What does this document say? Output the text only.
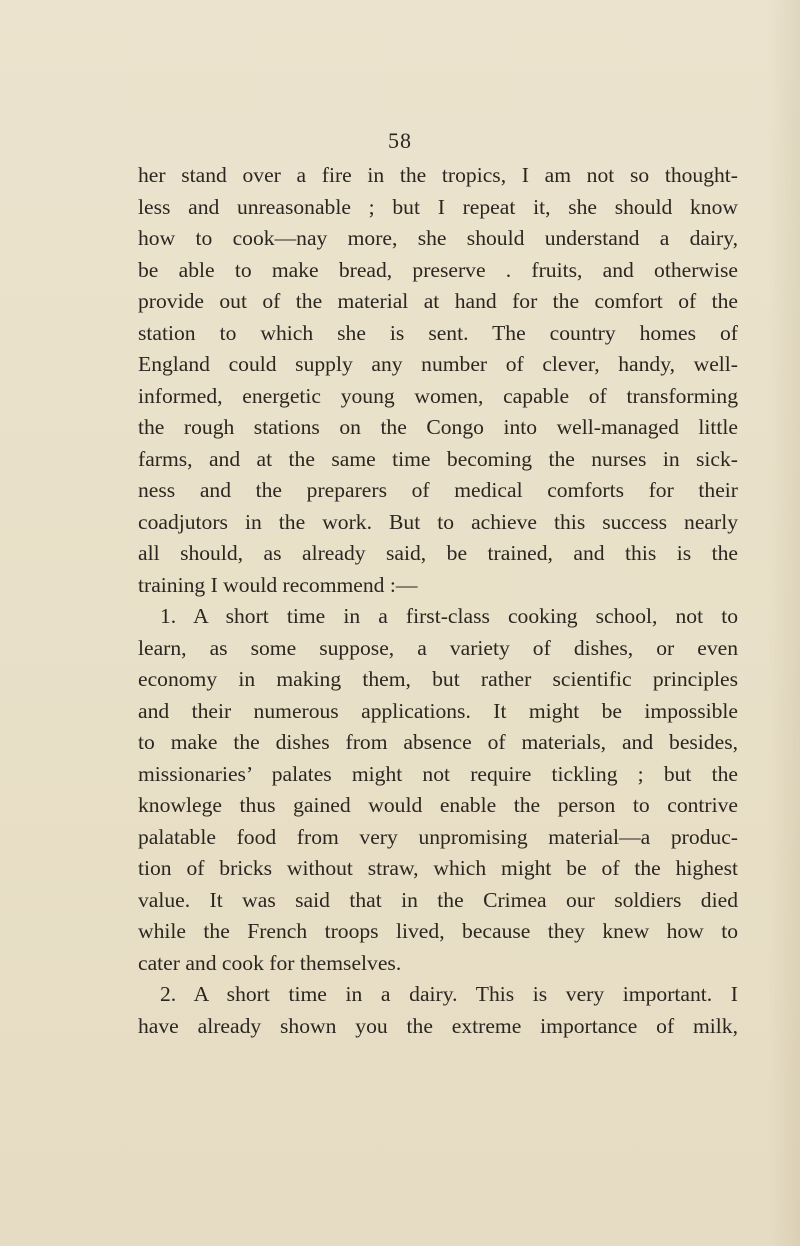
58
her stand over a fire in the tropics, I am not so thought-
less and unreasonable ; but I repeat it, she should know
how to cook—nay more, she should understand a dairy,
be able to make bread, preserve . fruits, and otherwise
provide out of the material at hand for the comfort of the
station to which she is sent. The country homes of
England could supply any number of clever, handy, well-
informed, energetic young women, capable of transforming
the rough stations on the Congo into well-managed little
farms, and at the same time becoming the nurses in sick-
ness and the preparers of medical comforts for their
coadjutors in the work. But to achieve this success nearly
all should, as already said, be trained, and this is the
training I would recommend :—
1. A short time in a first-class cooking school, not to
learn, as some suppose, a variety of dishes, or even
economy in making them, but rather scientific principles
and their numerous applications. It might be impossible
to make the dishes from absence of materials, and besides,
missionaries’ palates might not require tickling ; but the
knowlege thus gained would enable the person to contrive
palatable food from very unpromising material—a produc-
tion of bricks without straw, which might be of the highest
value. It was said that in the Crimea our soldiers died
while the French troops lived, because they knew how to
cater and cook for themselves.
2. A short time in a dairy. This is very important. I
have already shown you the extreme importance of milk,
